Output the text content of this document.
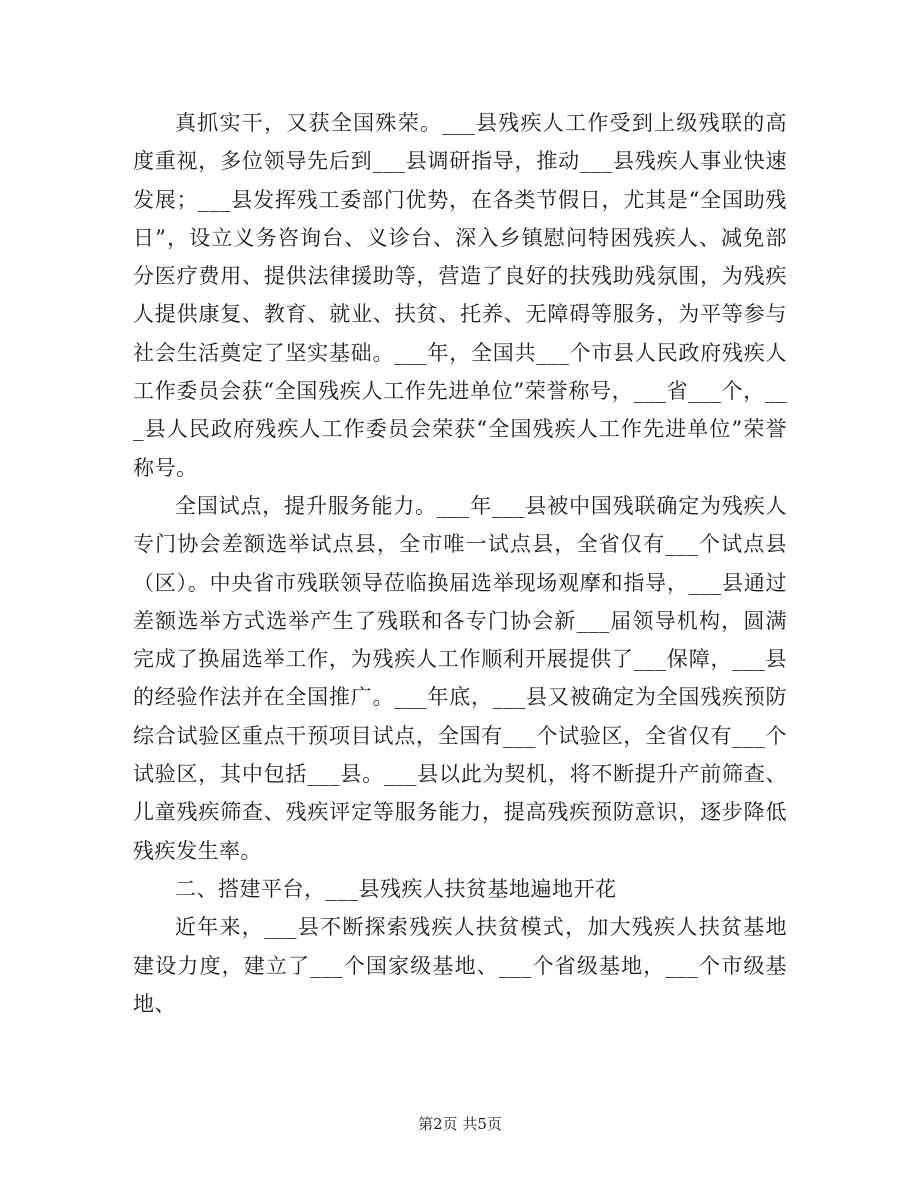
真抓实干，又获全国殊荣。___县残疾人工作受到上级残联的高度重视，多位领导先后到___县调研指导，推动___县残疾人事业快速发展；___县发挥残工委部门优势，在各类节假日，尤其是“全国助残日”，设立义务咨询台、义诊台、深入乡镇慰问特困残疾人、减免部分医疗费用、提供法律援助等，营造了良好的扶残助残氛围，为残疾人提供康复、教育、就业、扶贫、托养、无障碍等服务，为平等参与社会生活奠定了坚实基础。___年，全国共___个市县人民政府残疾人工作委员会获“全国残疾人工作先进单位”荣誉称号，___省___个，___县人民政府残疾人工作委员会荣获“全国残疾人工作先进单位”荣誉称号。

全国试点，提升服务能力。___年___县被中国残联确定为残疾人专门协会差额选举试点县，全市唯一试点县，全省仅有___个试点县（区）。中央省市残联领导莅临换届选举现场观摩和指导，___县通过差额选举方式选举产生了残联和各专门协会新___届领导机构，圆满完成了换届选举工作，为残疾人工作顺利开展提供了___保障，___县的经验作法并在全国推广。___年底，___县又被确定为全国残疾预防综合试验区重点干预项目试点，全国有___个试验区，全省仅有___个试验区，其中包括___县。___县以此为契机，将不断提升产前筛查、儿童残疾筛查、残疾评定等服务能力，提高残疾预防意识，逐步降低残疾发生率。

二、搭建平台，___县残疾人扶贫基地遍地开花

近年来，___县不断探索残疾人扶贫模式，加大残疾人扶贫基地建设力度，建立了___个国家级基地、___个省级基地，___个市级基地、

第2页 共5页
